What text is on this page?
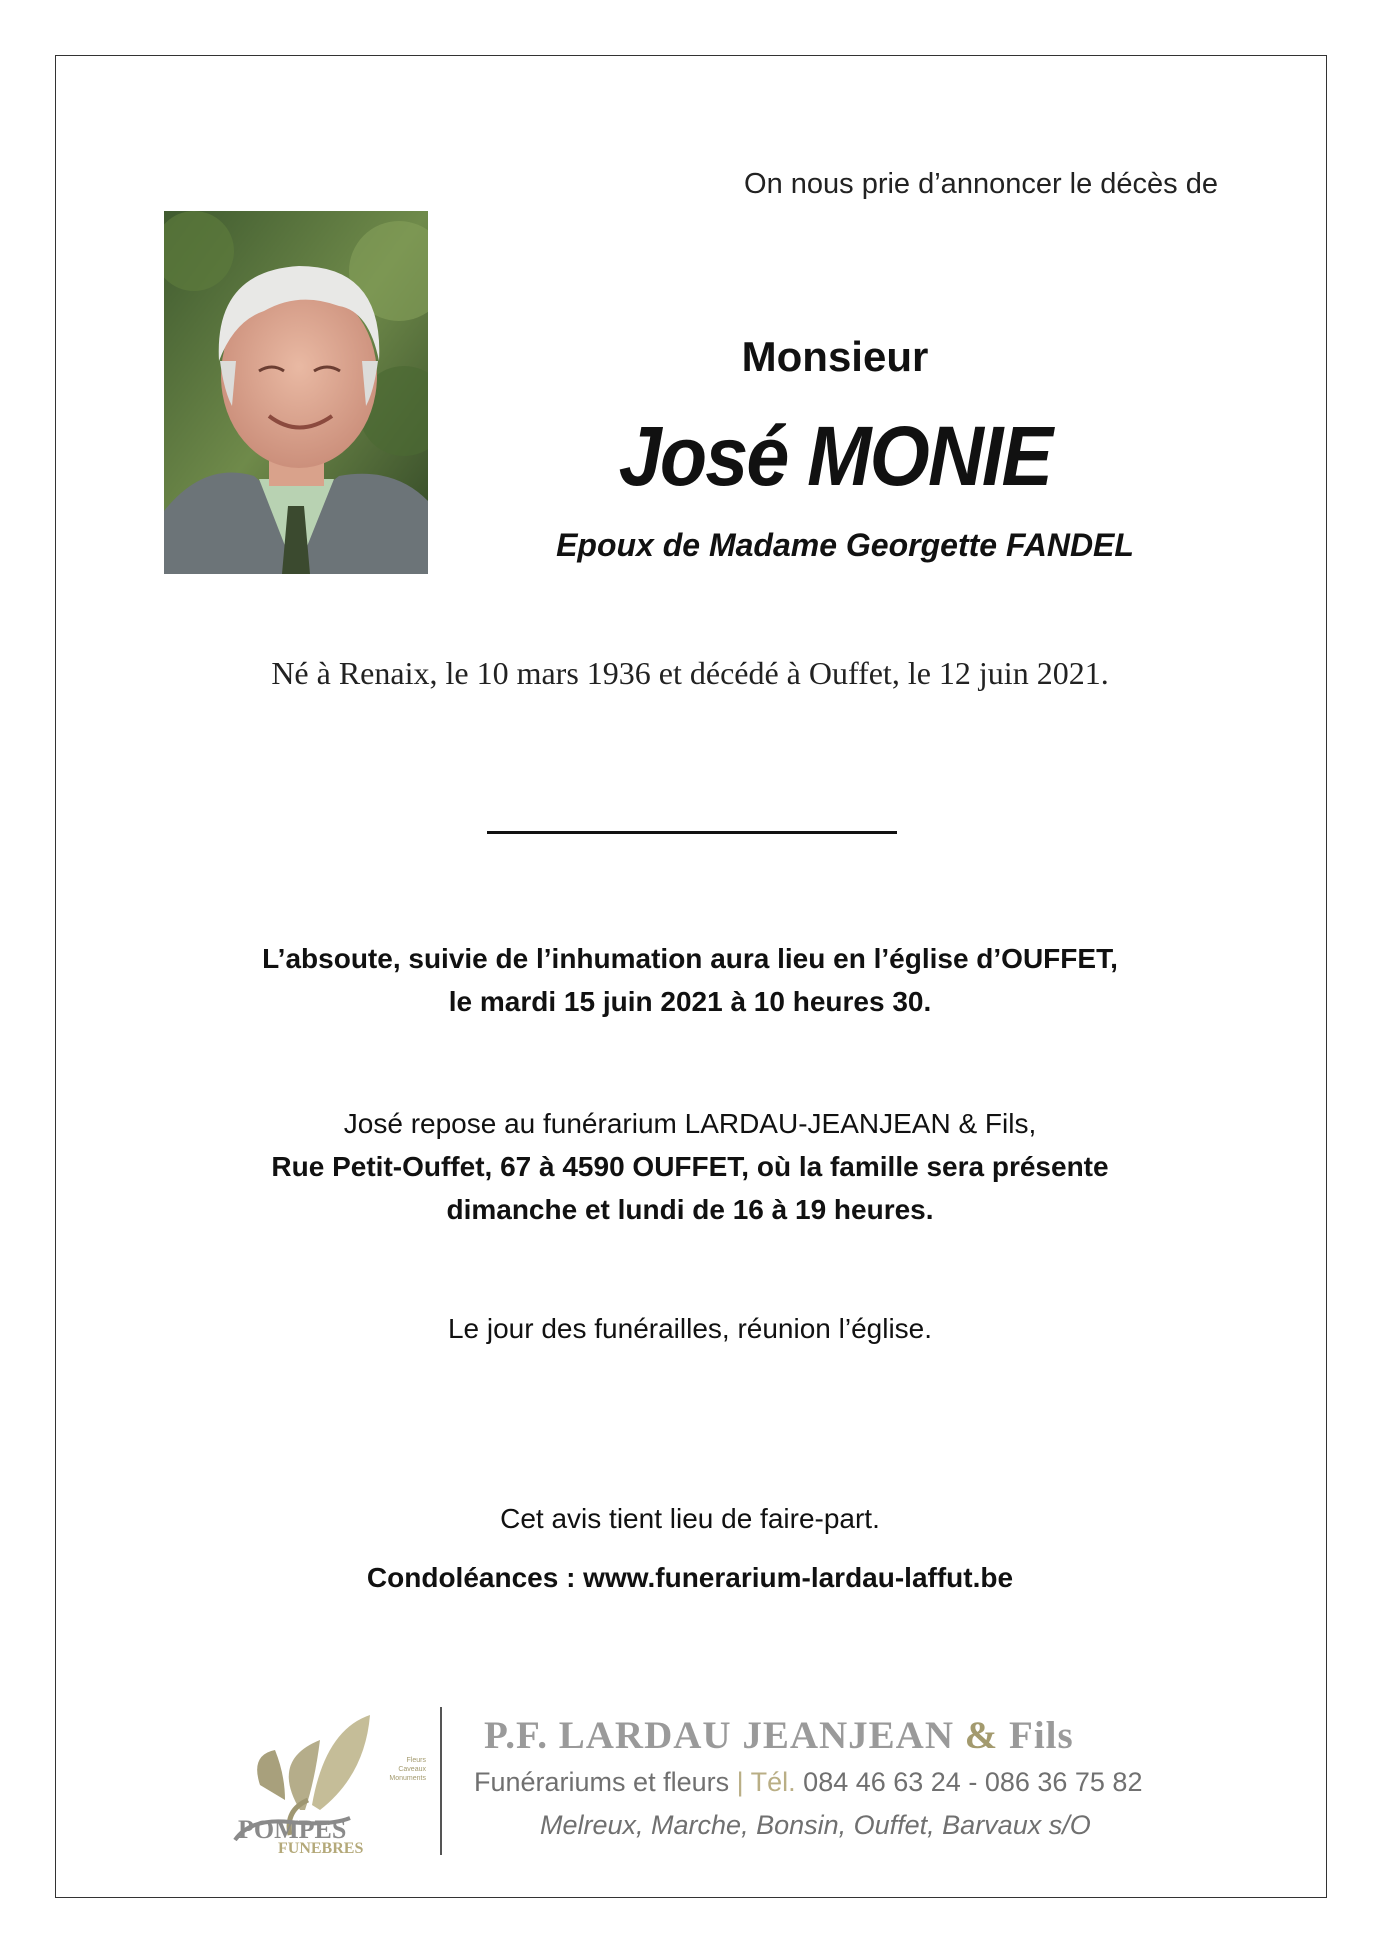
On nous prie d’annoncer le décès de
Monsieur
José MONIE
Epoux de Madame Georgette FANDEL
Né à Renaix, le 10 mars 1936 et décédé à Ouffet, le 12 juin 2021.
L’absoute, suivie de l’inhumation aura lieu en l’église d’OUFFET,
le mardi 15 juin 2021 à 10 heures 30.
José repose au funérarium LARDAU-JEANJEAN & Fils,
Rue Petit-Ouffet, 67 à 4590 OUFFET, où la famille sera présente
dimanche et lundi de 16 à 19 heures.
Le jour des funérailles, réunion l’église.
Cet avis tient lieu de faire-part.
Condoléances : www.funerarium-lardau-laffut.be
POMPES
FUNEBRES
Fleurs
Caveaux
Monuments
P.F. LARDAU JEANJEAN & Fils
Funérariums et fleurs | Tél. 084 46 63 24 - 086 36 75 82
Melreux, Marche, Bonsin, Ouffet, Barvaux s/O
